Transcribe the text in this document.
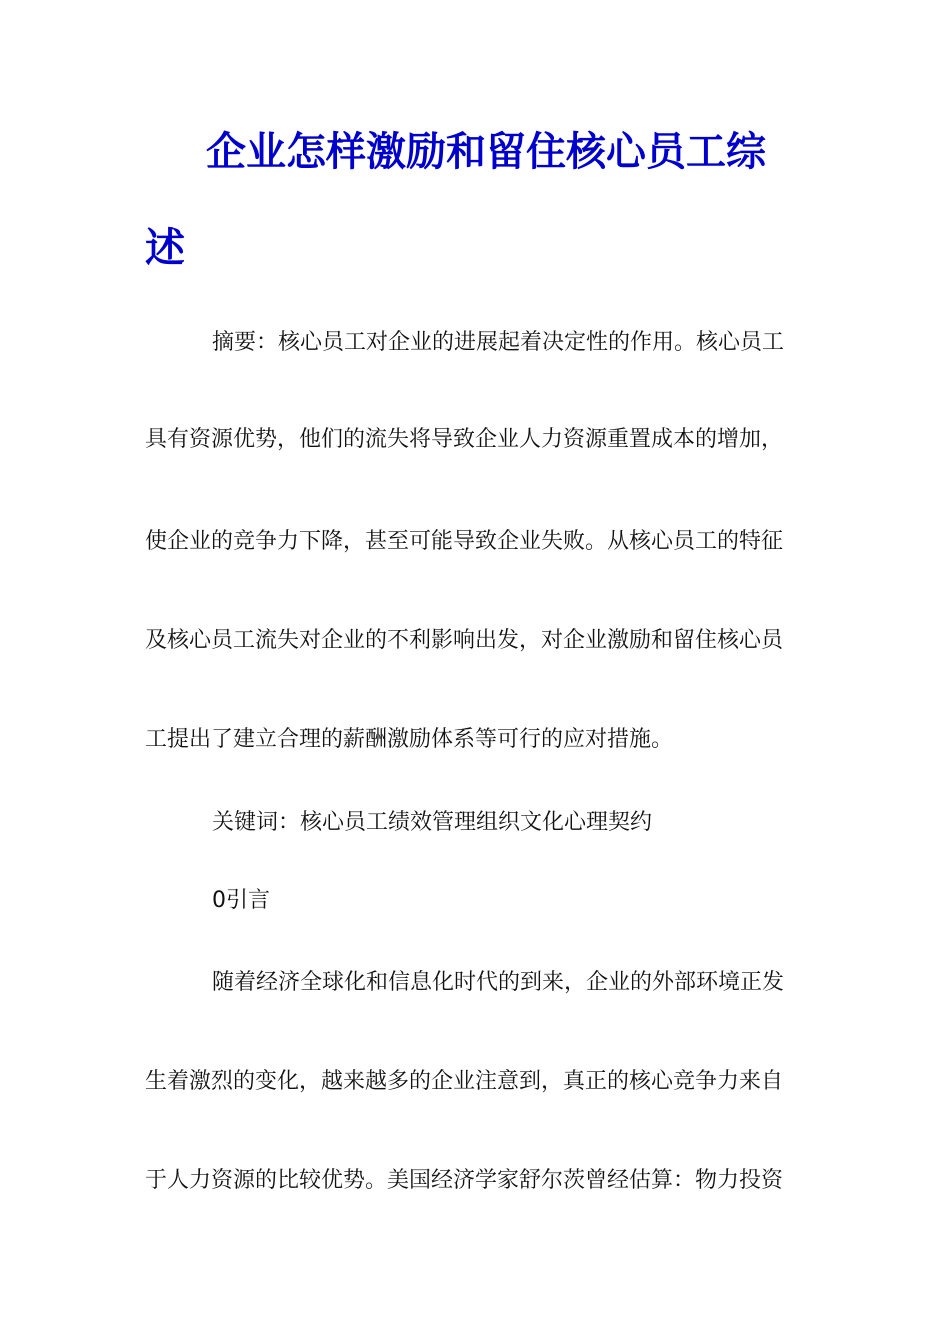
企业怎样激励和留住核心员工综
述
摘要：核心员工对企业的进展起着决定性的作用。核心员工
具有资源优势，他们的流失将导致企业人力资源重置成本的增加，
使企业的竞争力下降，甚至可能导致企业失败。从核心员工的特征
及核心员工流失对企业的不利影响出发，对企业激励和留住核心员
工提出了建立合理的薪酬激励体系等可行的应对措施。
关键词：核心员工绩效管理组织文化心理契约
0引言
随着经济全球化和信息化时代的到来，企业的外部环境正发
生着激烈的变化，越来越多的企业注意到，真正的核心竞争力来自
于人力资源的比较优势。美国经济学家舒尔茨曾经估算：物力投资
